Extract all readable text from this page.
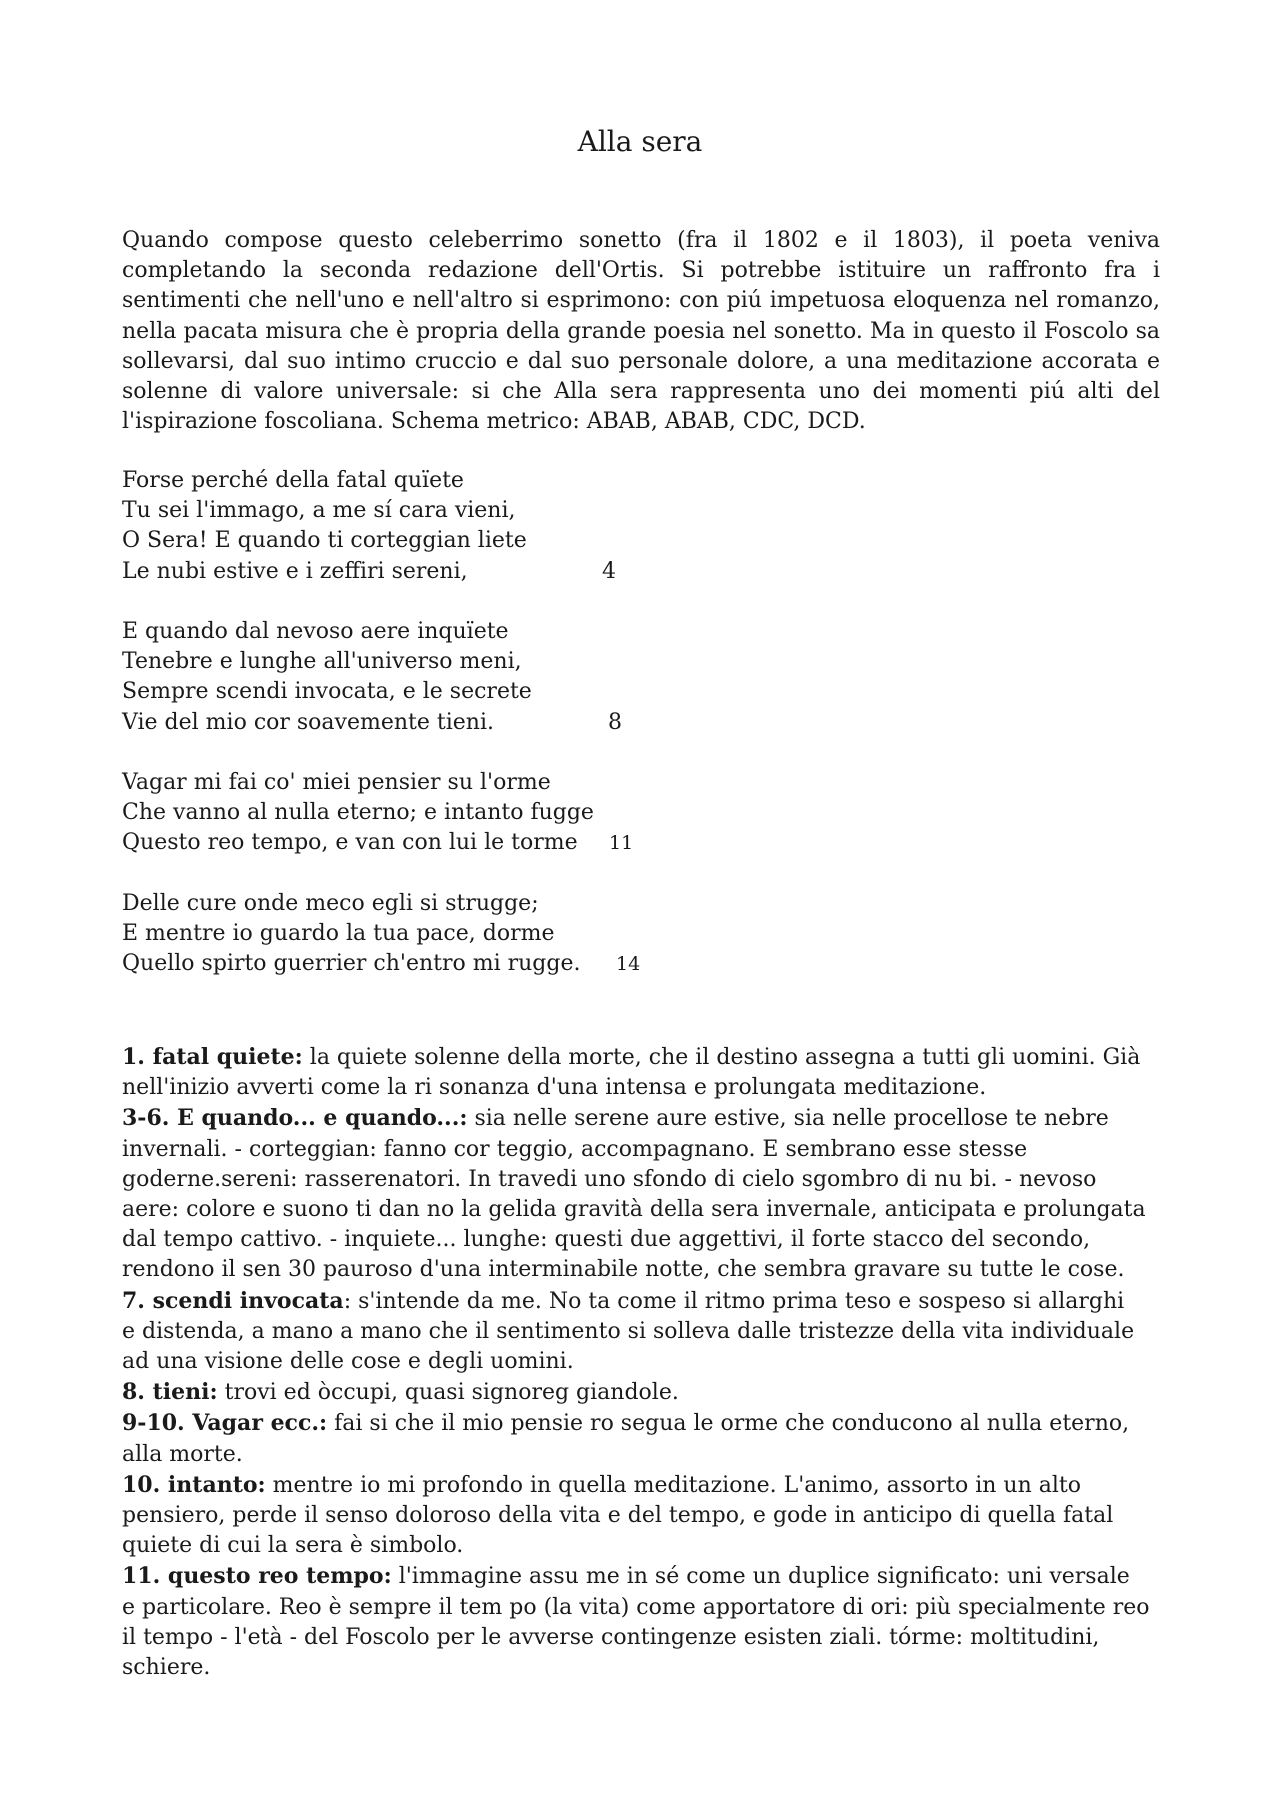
Alla sera

Quando compose questo celeberrimo sonetto (fra il 1802 e il 1803), il poeta veniva completando la seconda redazione dell'Ortis. Si potrebbe istituire un raffronto fra i sentimenti che nell'uno e nell'altro si esprimono: con piú impetuosa eloquenza nel romanzo, nella pacata misura che è propria della grande poesia nel sonetto. Ma in questo il Foscolo sa sollevarsi, dal suo intimo cruccio e dal suo personale dolore, a una meditazione accorata e solenne di valore universale: si che Alla sera rappresenta uno dei momenti piú alti del l'ispirazione foscoliana. Schema metrico: ABAB, ABAB, CDC, DCD.

Forse perché della fatal quïete
Tu sei l'immago, a me sí cara vieni,
O Sera! E quando ti corteggian liete
Le nubi estive e i zeffiri sereni,	4
E quando dal nevoso aere inquïete
Tenebre e lunghe all'universo meni,
Sempre scendi invocata, e le secrete
Vie del mio cor soavemente tieni.	8
Vagar mi fai co' miei pensier su l'orme
Che vanno al nulla eterno; e intanto fugge
Questo reo tempo, e van con lui le torme 11
Delle cure onde meco egli si strugge;
E mentre io guardo la tua pace, dorme
Quello spirto guerrier ch'entro mi rugge. 14

1. fatal quiete: la quiete solenne della morte, che il destino assegna a tutti gli uomini. Già
nell'inizio avverti come la ri sonanza d'una intensa e prolungata meditazione.

3-6. E quando... e quando...: sia nelle serene aure estive, sia nelle procellose te nebre
invernali. - corteggian: fanno cor teggio, accompagnano. E sembrano esse stesse
goderne.sereni: rasserenatori. In travedi uno sfondo di cielo sgombro di nu bi. - nevoso
aere: colore e suono ti dan no la gelida gravità della sera invernale, anticipata e prolungata
dal tempo cattivo. - inquiete... lunghe: questi due aggettivi, il forte stacco del secondo,
rendono il sen 30 pauroso d'una interminabile notte, che sembra gravare su tutte le cose.

7. scendi invocata: s'intende da me. No ta come il ritmo prima teso e sospeso si allarghi
e distenda, a mano a mano che il sentimento si solleva dalle tristezze della vita individuale
ad una visione delle cose e degli uomini.

8. tieni: trovi ed òccupi, quasi signoreg giandole.

9-10. Vagar ecc.: fai si che il mio pensie ro segua le orme che conducono al nulla eterno,
alla morte.

10. intanto: mentre io mi profondo in quella meditazione. L'animo, assorto in un alto
pensiero, perde il senso doloroso della vita e del tempo, e gode in anticipo di quella fatal
quiete di cui la sera è simbolo.

11. questo reo tempo: l'immagine assu me in sé come un duplice significato: uni versale
e particolare. Reo è sempre il tem po (la vita) come apportatore di ori: più specialmente reo
il tempo - l'età - del Foscolo per le avverse contingenze esisten ziali. tórme: moltitudini,
schiere.
